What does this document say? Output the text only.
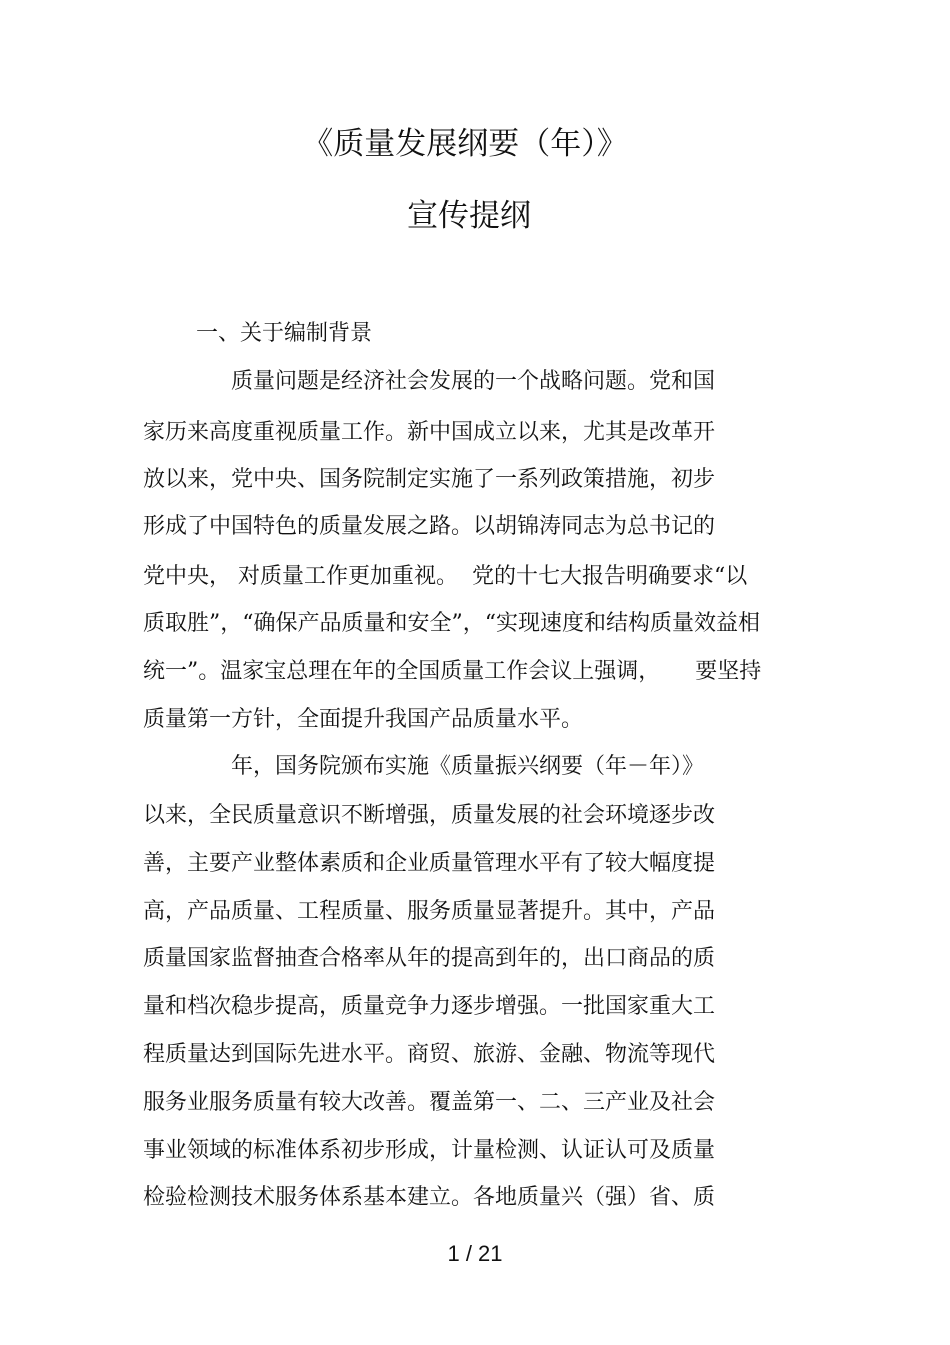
《质量发展纲要（年）》
宣传提纲
一、关于编制背景
质量问题是经济社会发展的一个战略问题。党和国
家历来高度重视质量工作。新中国成立以来，尤其是改革开
放以来，党中央、国务院制定实施了一系列政策措施，初步
形成了中国特色的质量发展之路。以胡锦涛同志为总书记的
党中央， 对质量工作更加重视。  党的十七大报告明确要求“以
质取胜”，“确保产品质量和安全”，“实现速度和结构质量效益相
统一”。温家宝总理在年的全国质量工作会议上强调，     要坚持
质量第一方针，全面提升我国产品质量水平。
年，国务院颁布实施《质量振兴纲要（年－年）》
以来，全民质量意识不断增强，质量发展的社会环境逐步改
善，主要产业整体素质和企业质量管理水平有了较大幅度提
高，产品质量、工程质量、服务质量显著提升。其中，产品
质量国家监督抽查合格率从年的提高到年的，出口商品的质
量和档次稳步提高，质量竞争力逐步增强。一批国家重大工
程质量达到国际先进水平。商贸、旅游、金融、物流等现代
服务业服务质量有较大改善。覆盖第一、二、三产业及社会
事业领域的标准体系初步形成，计量检测、认证认可及质量
检验检测技术服务体系基本建立。各地质量兴（强）省、质
1 / 21
